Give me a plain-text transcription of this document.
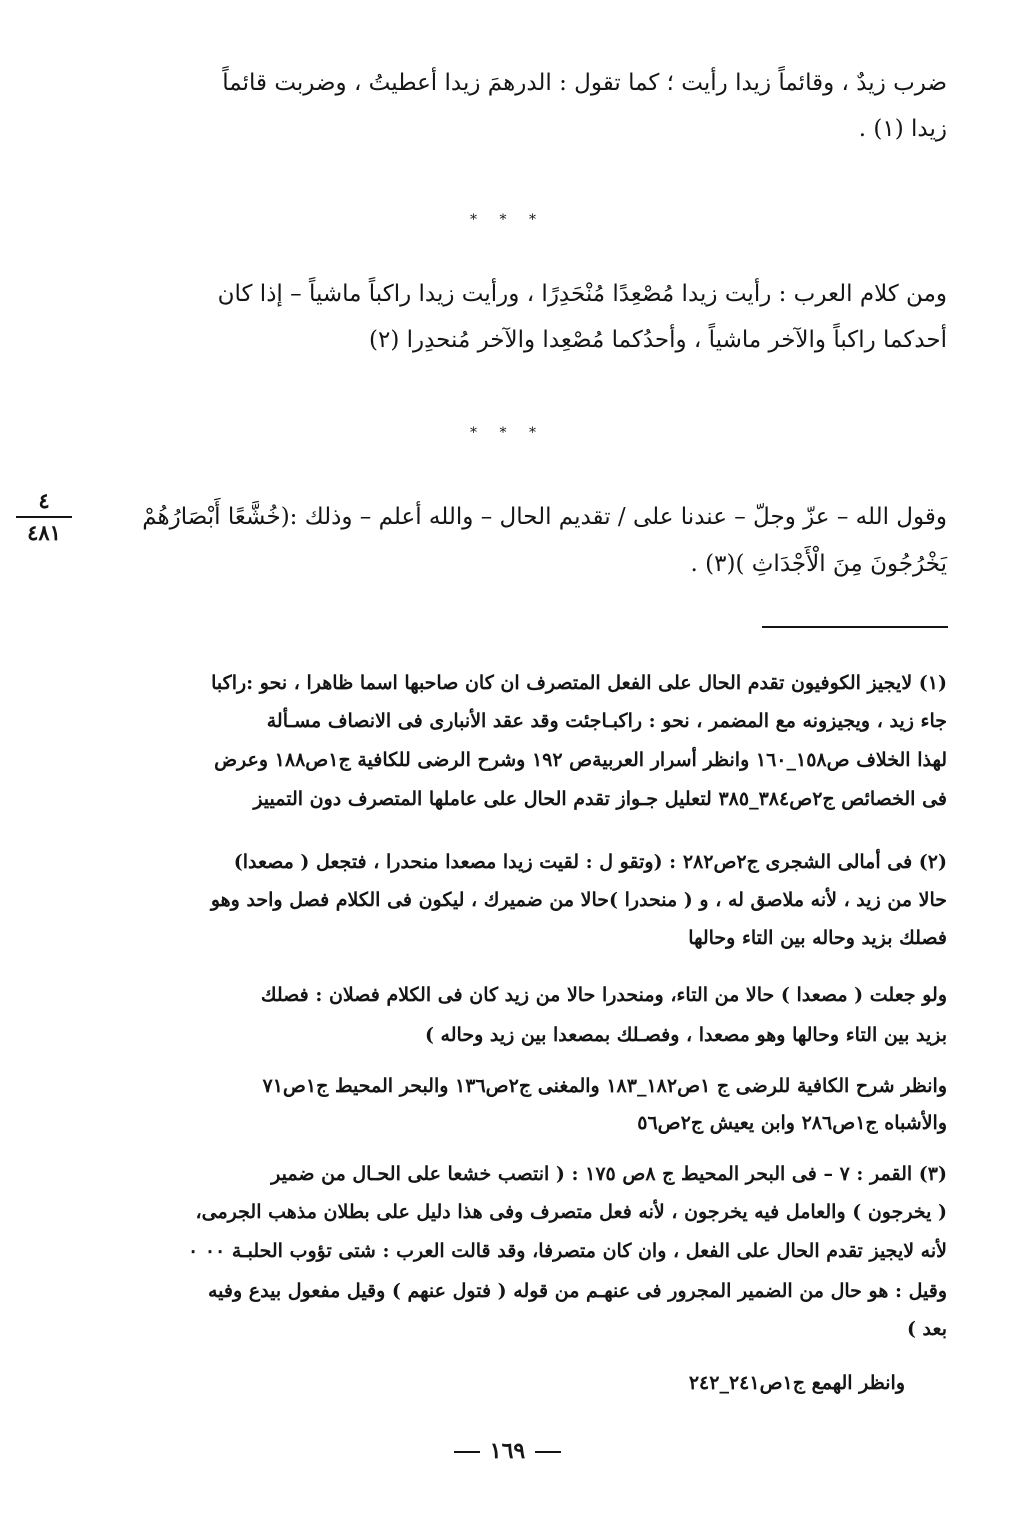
ضرب زيدٌ ، وقائماً زيدا رأيت ؛ كما تقول : الدرهمَ زيدا أعطيتُ ، وضربت قائماً
زيدا (١) .
* * *
ومن كلام العرب : رأيت زيدا مُصْعِدًا مُنْحَدِرًا ، ورأيت زيدا راكباً ماشياً – إذا كان
أحدكما راكباً والآخر ماشياً ، وأحدُكما مُصْعِدا والآخر مُنحدِرا (٢)
* * *
وقول الله – عزّ وجلّ – عندنا على / تقديم الحال – والله أعلم – وذلك :(خُشَّعًا أَبْصَارُهُمْ
يَخْرُجُونَ مِنَ الْأَجْدَاثِ )(٣) .
٤
٤٨١
(١) لايجيز الكوفيون تقدم الحال على الفعل المتصرف ان كان صاحبها اسما ظاهرا ، نحو :راكبا
جاء زيد ، ويجيزونه مع المضمر ، نحو : راكبـاجئت وقد عقد الأنبارى فى الانصاف مسـألة
لهذا الخلاف ص١٥٨_١٦٠ وانظر أسرار العربيةص ١٩٢ وشرح الرضى للكافية ج١ص١٨٨ وعرض
فى الخصائص ج٢ص٣٨٤_٣٨٥ لتعليل جـواز تقدم الحال على عاملها المتصرف دون التمييز
(٢) فى أمالى الشجرى ج٢ص٢٨٢ : (وتقو ل : لقيت زيدا مصعدا منحدرا ، فتجعل ( مصعدا)
حالا من زيد ، لأنه ملاصق له ، و ( منحدرا )حالا من ضميرك ، ليكون فى الكلام فصل واحد وهو
فصلك بزيد وحاله بين التاء وحالها
ولو جعلت ( مصعدا ) حالا من التاء، ومنحدرا حالا من زيد كان فى الكلام فصلان : فصلك
بزيد بين التاء وحالها وهو مصعدا ، وفصـلك بمصعدا بين زيد وحاله )
وانظر شرح الكافية للرضى ج ١ص١٨٢_١٨٣ والمغنى ج٢ص١٣٦ والبحر المحيط ج١ص٧١
والأشباه ج١ص٢٨٦ وابن يعيش ج٢ص٥٦
(٣) القمر : ٧ – فى البحر المحيط ج ٨ص ١٧٥ : ( انتصب خشعا على الحـال من ضمير
( يخرجون ) والعامل فيه يخرجون ، لأنه فعل متصرف وفى هذا دليل على بطلان مذهب الجرمى،
لأنه لايجيز تقدم الحال على الفعل ، وان كان متصرفا، وقد قالت العرب : شتى تؤوب الحلبـة ٠٠ ٠
وقيل : هو حال من الضمير المجرور فى عنهـم من قوله ( فتول عنهم ) وقيل مفعول بيدع وفيه
بعد )
وانظر الهمع ج١ص٢٤١_٢٤٢
١٦٩
